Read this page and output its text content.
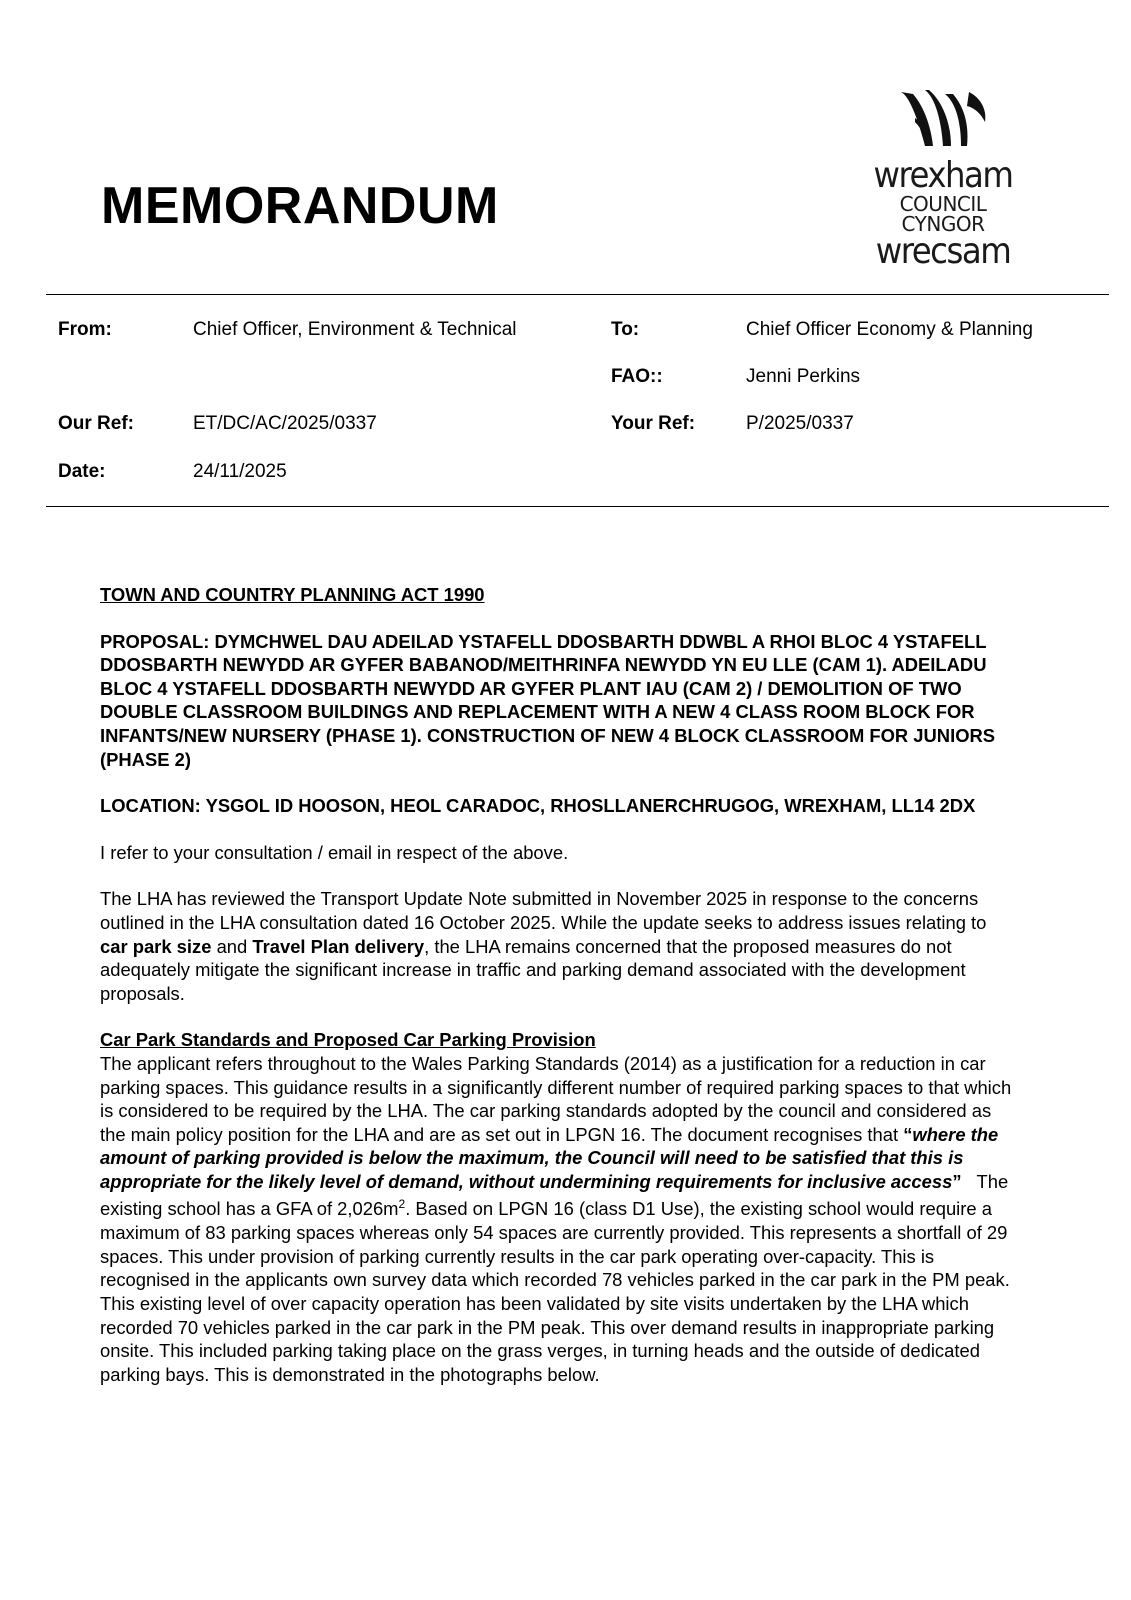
MEMORANDUM
wrexham
COUNCIL
CYNGOR
wrecsam
From:	Chief Officer, Environment & Technical	To:	Chief Officer Economy & Planning
FAO::	Jenni Perkins
Our Ref:	ET/DC/AC/2025/0337	Your Ref:	P/2025/0337
Date:	24/11/2025

TOWN AND COUNTRY PLANNING ACT 1990

PROPOSAL: DYMCHWEL DAU ADEILAD YSTAFELL DDOSBARTH DDWBL A RHOI BLOC 4 YSTAFELL DDOSBARTH NEWYDD AR GYFER BABANOD/MEITHRINFA NEWYDD YN EU LLE (CAM 1). ADEILADU BLOC 4 YSTAFELL DDOSBARTH NEWYDD AR GYFER PLANT IAU (CAM 2) / DEMOLITION OF TWO DOUBLE CLASSROOM BUILDINGS AND REPLACEMENT WITH A NEW 4 CLASS ROOM BLOCK FOR INFANTS/NEW NURSERY (PHASE 1). CONSTRUCTION OF NEW 4 BLOCK CLASSROOM FOR JUNIORS (PHASE 2)

LOCATION: YSGOL ID HOOSON, HEOL CARADOC, RHOSLLANERCHRUGOG, WREXHAM, LL14 2DX

I refer to your consultation / email in respect of the above.

The LHA has reviewed the Transport Update Note submitted in November 2025 in response to the concerns outlined in the LHA consultation dated 16 October 2025. While the update seeks to address issues relating to car park size and Travel Plan delivery, the LHA remains concerned that the proposed measures do not adequately mitigate the significant increase in traffic and parking demand associated with the development proposals.

Car Park Standards and Proposed Car Parking Provision

The applicant refers throughout to the Wales Parking Standards (2014) as a justification for a reduction in car parking spaces. This guidance results in a significantly different number of required parking spaces to that which is considered to be required by the LHA. The car parking standards adopted by the council and considered as the main policy position for the LHA and are as set out in LPGN 16. The document recognises that “where the amount of parking provided is below the maximum, the Council will need to be satisfied that this is appropriate for the likely level of demand, without undermining requirements for inclusive access”   The existing school has a GFA of $2,026m^2$. Based on LPGN 16 (class D1 Use), the existing school would require a maximum of 83 parking spaces whereas only 54 spaces are currently provided. This represents a shortfall of 29 spaces. This under provision of parking currently results in the car park operating over-capacity. This is recognised in the applicants own survey data which recorded 78 vehicles parked in the car park in the PM peak. This existing level of over capacity operation has been validated by site visits undertaken by the LHA which recorded 70 vehicles parked in the car park in the PM peak. This over demand results in inappropriate parking onsite. This included parking taking place on the grass verges, in turning heads and the outside of dedicated parking bays. This is demonstrated in the photographs below.
